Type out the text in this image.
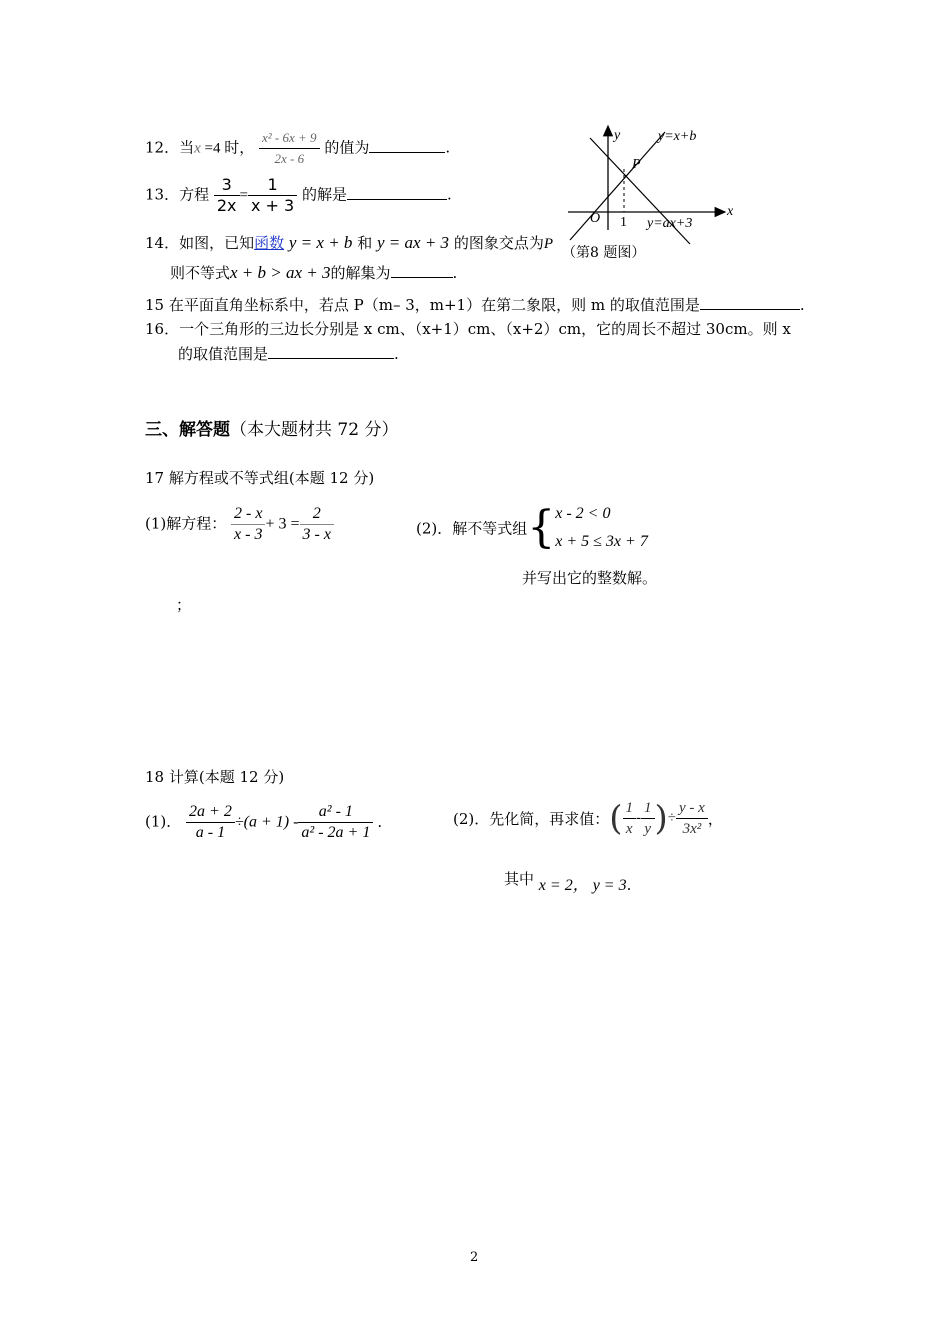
12．当x =4 时， $\frac{\text{x² - 6x + 9}}{2x - 6}$ 的值为	.
13．方程 $\frac{3}{2x} = \frac{1}{x + 3}$ 的解是	.
14．如图，已知函数 y = x + b 和 y = ax + 3 的图象交点为P
则不等式x + b > ax + 3的解集为	.
y
x
O 1
P
y=x+b
y=ax+3
（第8 题图）
15 在平面直角坐标系中，若点 P（m– 3，m+1）在第二象限，则 m 的取值范围是	.
16．一个三角形的三边长分别是 x cm、（x+1）cm、（x+2）cm，它的周长不超过 30cm。则 x
的取值范围是	.
三、解答题（本大题材共 72 分）
17 解方程或不等式组(本题 12 分)
(1)解方程： $\frac{2 - x}{x - 3} + 3 = \frac{2}{3 - x}$	(2)．解不等式组{ x - 2 < 0
x + 5 ≤ 3x + 7
并写出它的整数解。
；
18 计算(本题 12 分)
(1)． $\frac{2a + 2}{a - 1} \div(a + 1) - \frac{\text{a² - 1}}{\text{a² - 2a + 1}}$ .	(2)．先化简，再求值：( $\frac{1}{x} - \frac{1}{y}$ )÷ $\frac{y - x}{\text{3x²}}$ ，
其中 x = 2， y = 3.
2
